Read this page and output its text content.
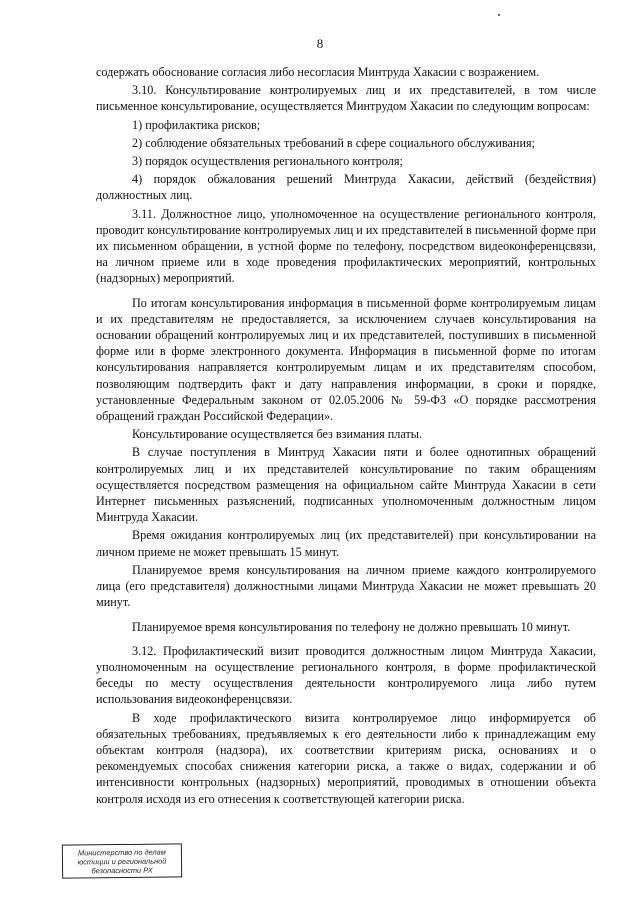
8

содержать обоснование согласия либо несогласия Минтруда Хакасии с возражением.

3.10. Консультирование контролируемых лиц и их представителей, в том числе письменное консультирование, осуществляется Минтрудом Хакасии по следующим вопросам:

1) профилактика рисков;

2) соблюдение обязательных требований в сфере социального обслуживания;

3) порядок осуществления регионального контроля;

4) порядок обжалования решений Минтруда Хакасии, действий (бездействия) должностных лиц.

3.11. Должностное лицо, уполномоченное на осуществление регионального контроля, проводит консультирование контролируемых лиц и их представителей в письменной форме при их письменном обращении, в устной форме по телефону, посредством видеоконференцсвязи, на личном приеме или в ходе проведения профилактических мероприятий, контрольных (надзорных) мероприятий.

По итогам консультирования информация в письменной форме контролируемым лицам и их представителям не предоставляется, за исключением случаев консультирования на основании обращений контролируемых лиц и их представителей, поступивших в письменной форме или в форме электронного документа. Информация в письменной форме по итогам консультирования направляется контролируемым лицам и их представителям способом, позволяющим подтвердить факт и дату направления информации, в сроки и порядке, установленные Федеральным законом от 02.05.2006 № 59-ФЗ «О порядке рассмотрения обращений граждан Российской Федерации».

Консультирование осуществляется без взимания платы.

В случае поступления в Минтруд Хакасии пяти и более однотипных обращений контролируемых лиц и их представителей консультирование по таким обращениям осуществляется посредством размещения на официальном сайте Минтруда Хакасии в сети Интернет письменных разъяснений, подписанных уполномоченным должностным лицом Минтруда Хакасии.

Время ожидания контролируемых лиц (их представителей) при консультировании на личном приеме не может превышать 15 минут.

Планируемое время консультирования на личном приеме каждого контролируемого лица (его представителя) должностными лицами Минтруда Хакасии не может превышать 20 минут.

Планируемое время консультирования по телефону не должно превышать 10 минут.

3.12. Профилактический визит проводится должностным лицом Минтруда Хакасии, уполномоченным на осуществление регионального контроля, в форме профилактической беседы по месту осуществления деятельности контролируемого лица либо путем использования видеоконференцсвязи.

В ходе профилактического визита контролируемое лицо информируется об обязательных требованиях, предъявляемых к его деятельности либо к принадлежащим ему объектам контроля (надзора), их соответствии критериям риска, основаниях и о рекомендуемых способах снижения категории риска, а также о видах, содержании и об интенсивности контрольных (надзорных) мероприятий, проводимых в отношении объекта контроля исходя из его отнесения к соответствующей категории риска.

Министерство по делам
юстиции и региональной
безопасности РХ
